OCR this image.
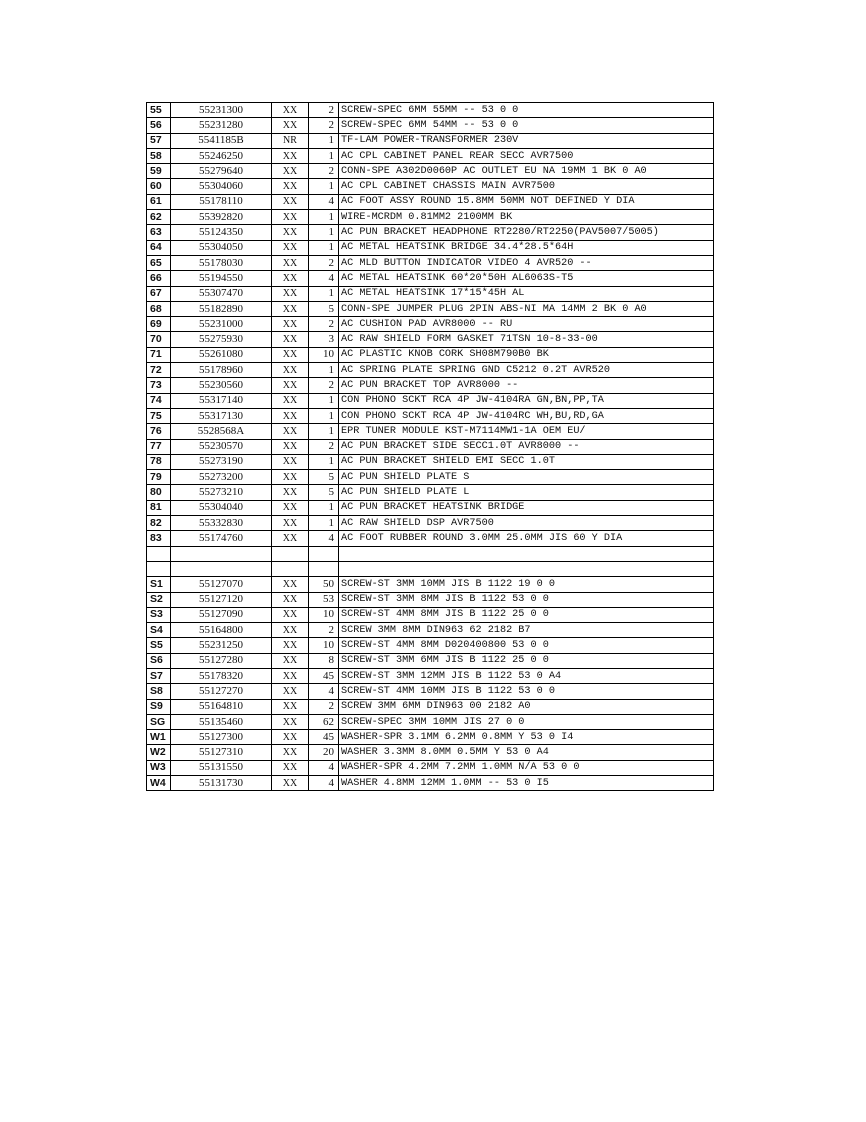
55	55231300	XX	2	SCREW-SPEC 6MM 55MM -- 53 0 0
56	55231280	XX	2	SCREW-SPEC 6MM 54MM -- 53 0 0
57	5541185B	NR	1	TF-LAM POWER-TRANSFORMER 230V
58	55246250	XX	1	AC CPL CABINET PANEL REAR SECC AVR7500
59	55279640	XX	2	CONN-SPE A302D0060P AC OUTLET EU NA 19MM 1 BK 0 A0
60	55304060	XX	1	AC CPL CABINET CHASSIS MAIN AVR7500
61	55178110	XX	4	AC FOOT ASSY ROUND 15.8MM 50MM NOT DEFINED Y DIA
62	55392820	XX	1	WIRE-MCRDM 0.81MM2 2100MM BK
63	55124350	XX	1	AC PUN BRACKET HEADPHONE RT2280/RT2250(PAV5007/5005)
64	55304050	XX	1	AC METAL HEATSINK BRIDGE 34.4*28.5*64H
65	55178030	XX	2	AC MLD BUTTON INDICATOR VIDEO 4 AVR520 --
66	55194550	XX	4	AC METAL HEATSINK 60*20*50H AL6063S-T5
67	55307470	XX	1	AC METAL HEATSINK 17*15*45H AL
68	55182890	XX	5	CONN-SPE JUMPER PLUG 2PIN ABS-NI MA 14MM 2 BK 0 A0
69	55231000	XX	2	AC CUSHION PAD AVR8000 -- RU
70	55275930	XX	3	AC RAW SHIELD FORM GASKET 71TSN 10-8-33-00
71	55261080	XX	10	AC PLASTIC KNOB CORK SH08M790B0 BK
72	55178960	XX	1	AC SPRING PLATE SPRING GND C5212 0.2T AVR520
73	55230560	XX	2	AC PUN BRACKET TOP AVR8000 --
74	55317140	XX	1	CON PHONO SCKT RCA 4P JW-4104RA GN,BN,PP,TA
75	55317130	XX	1	CON PHONO SCKT RCA 4P JW-4104RC WH,BU,RD,GA
76	5528568A	XX	1	EPR TUNER MODULE KST-M7114MW1-1A OEM EU/
77	55230570	XX	2	AC PUN BRACKET SIDE SECC1.0T AVR8000 --
78	55273190	XX	1	AC PUN BRACKET SHIELD EMI SECC 1.0T
79	55273200	XX	5	AC PUN SHIELD PLATE S
80	55273210	XX	5	AC PUN SHIELD PLATE L
81	55304040	XX	1	AC PUN BRACKET HEATSINK BRIDGE
82	55332830	XX	1	AC RAW SHIELD DSP AVR7500
83	55174760	XX	4	AC FOOT RUBBER ROUND 3.0MM 25.0MM JIS 60 Y DIA

S1	55127070	XX	50	SCREW-ST 3MM 10MM JIS B 1122 19 0 0
S2	55127120	XX	53	SCREW-ST 3MM 8MM JIS B 1122 53 0 0
S3	55127090	XX	10	SCREW-ST 4MM 8MM JIS B 1122 25 0 0
S4	55164800	XX	2	SCREW 3MM 8MM DIN963 62 2182 B7
S5	55231250	XX	10	SCREW-ST 4MM 8MM D020400800 53 0 0
S6	55127280	XX	8	SCREW-ST 3MM 6MM JIS B 1122 25 0 0
S7	55178320	XX	45	SCREW-ST 3MM 12MM JIS B 1122 53 0 A4
S8	55127270	XX	4	SCREW-ST 4MM 10MM JIS B 1122 53 0 0
S9	55164810	XX	2	SCREW 3MM 6MM DIN963 00 2182 A0
SG	55135460	XX	62	SCREW-SPEC 3MM 10MM JIS 27 0 0
W1	55127300	XX	45	WASHER-SPR 3.1MM 6.2MM 0.8MM Y 53 0 I4
W2	55127310	XX	20	WASHER 3.3MM 8.0MM 0.5MM Y 53 0 A4
W3	55131550	XX	4	WASHER-SPR 4.2MM 7.2MM 1.0MM N/A 53 0 0
W4	55131730	XX	4	WASHER 4.8MM 12MM 1.0MM -- 53 0 I5
